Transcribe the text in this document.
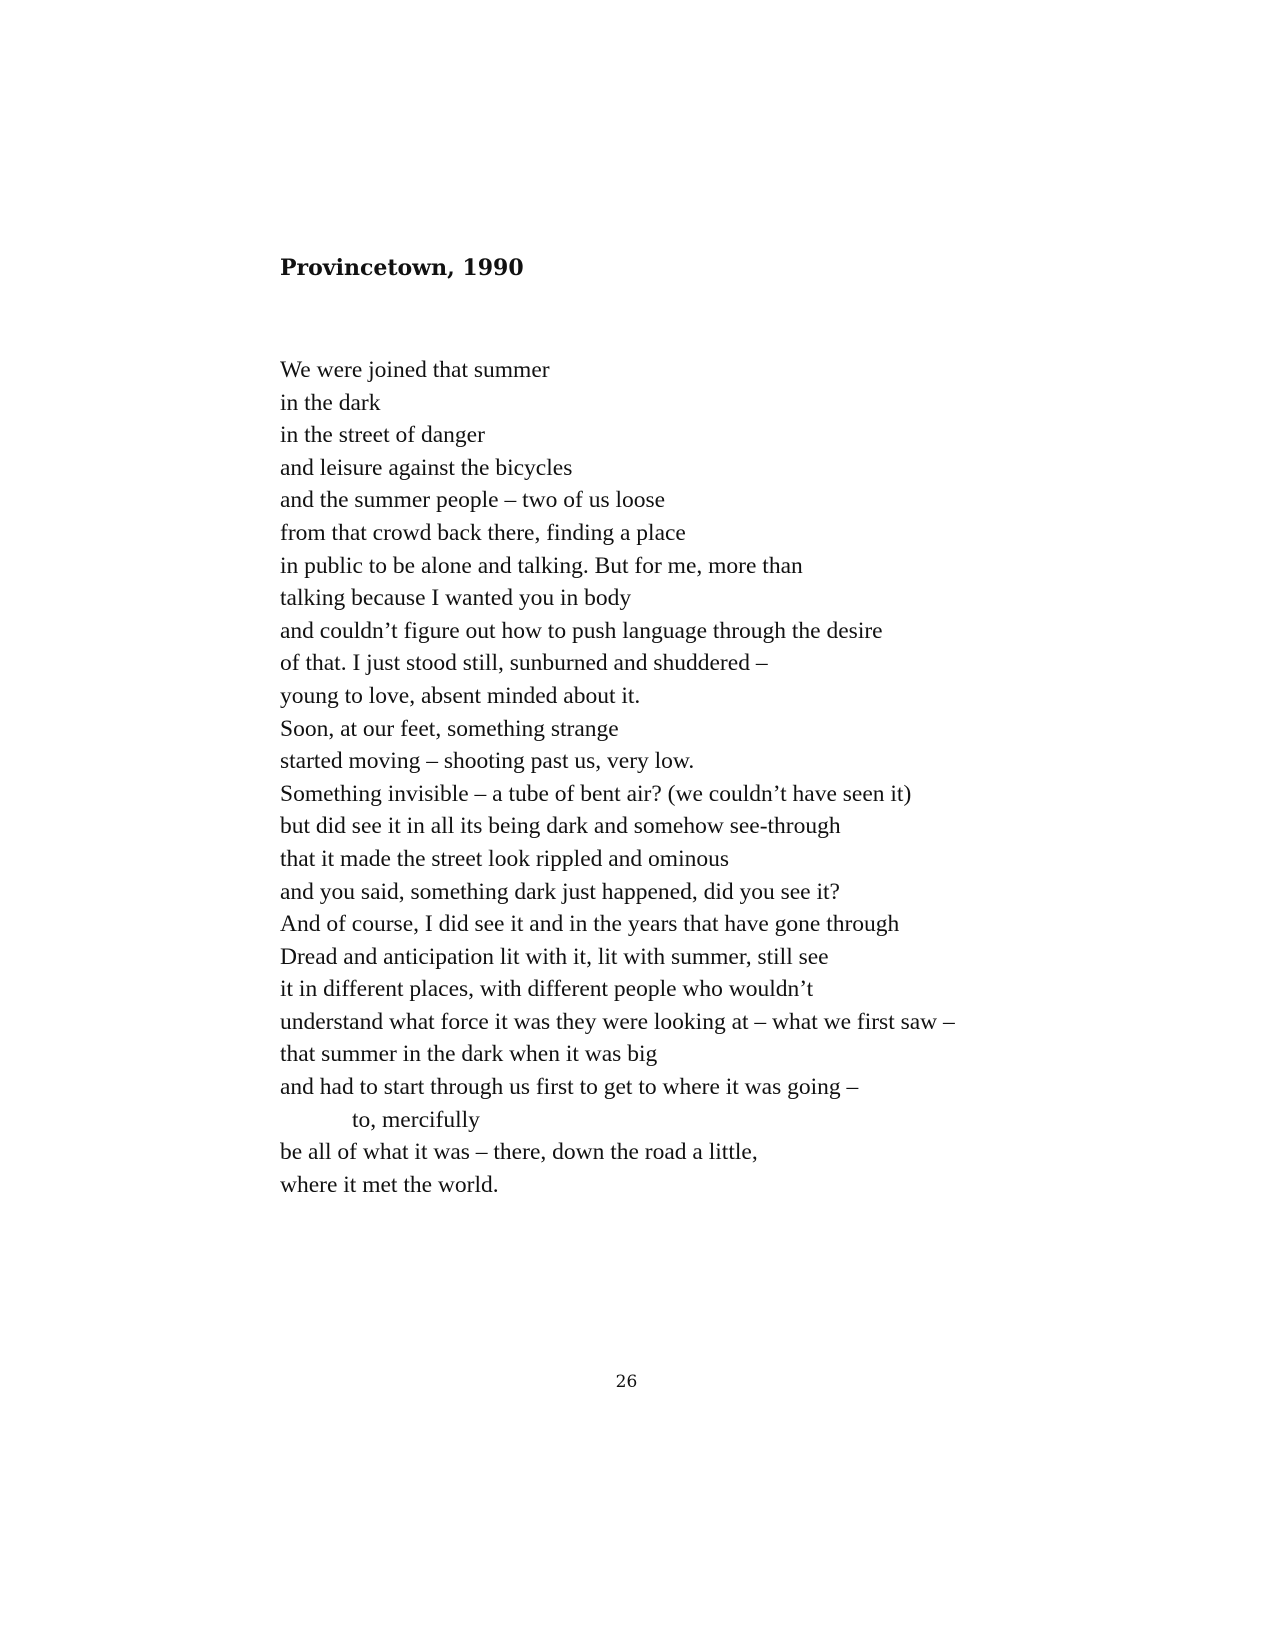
Provincetown, 1990
We were joined that summer
in the dark
in the street of danger
and leisure against the bicycles
and the summer people – two of us loose
from that crowd back there, finding a place
in public to be alone and talking. But for me, more than
talking because I wanted you in body
and couldn’t figure out how to push language through the desire
of that. I just stood still, sunburned and shuddered –
young to love, absent minded about it.
Soon, at our feet, something strange
started moving – shooting past us, very low.
Something invisible – a tube of bent air? (we couldn’t have seen it)
but did see it in all its being dark and somehow see-through
that it made the street look rippled and ominous
and you said, something dark just happened, did you see it?
And of course, I did see it and in the years that have gone through
Dread and anticipation lit with it, lit with summer, still see
it in different places, with different people who wouldn’t
understand what force it was they were looking at – what we first saw –
that summer in the dark when it was big
and had to start through us first to get to where it was going –
to, mercifully
be all of what it was – there, down the road a little,
where it met the world.
26
